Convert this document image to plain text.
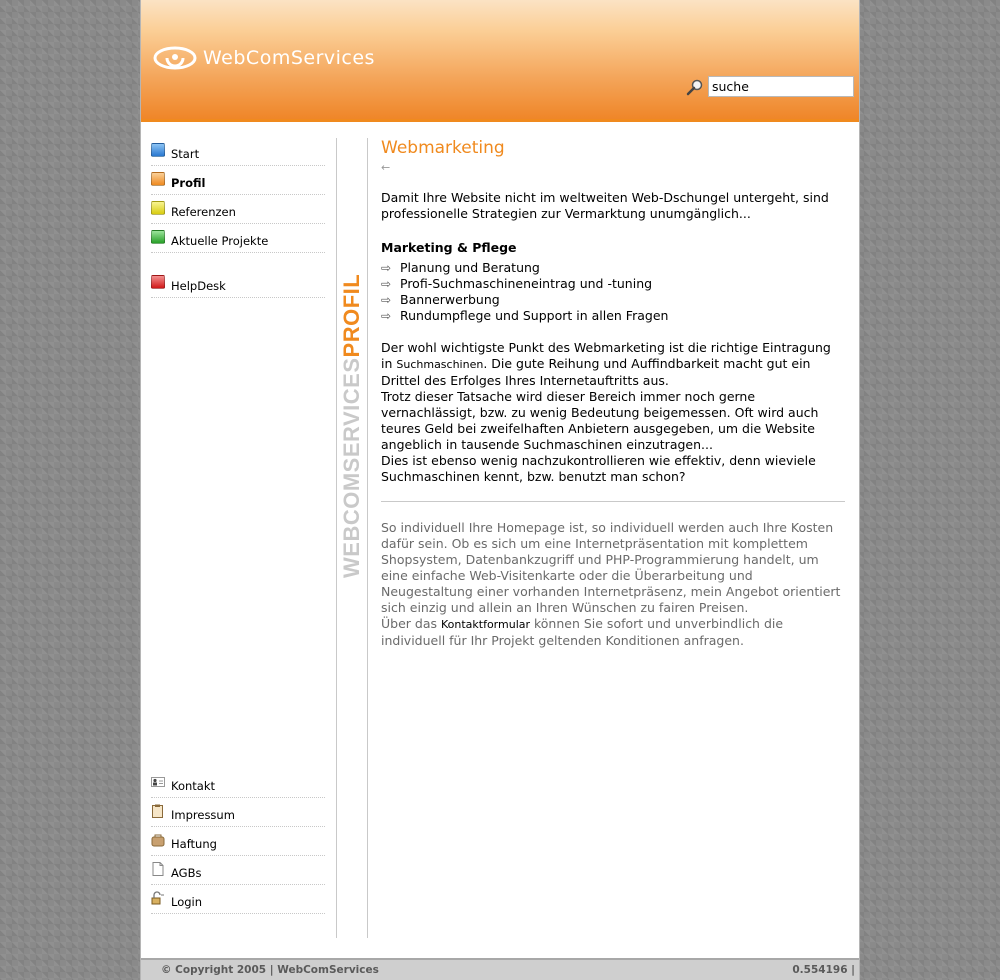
WebComServices
suche
Start
Profil
Referenzen
Aktuelle Projekte
HelpDesk
Kontakt
Impressum
Haftung
AGBs
Login
WEBCOMSERVICESPROFIL
Webmarketing
←

Damit Ihre Website nicht im weltweiten Web-Dschungel untergeht, sind professionelle Strategien zur Vermarktung unumgänglich...

Marketing & Pflege
⇨ Planung und Beratung
⇨ Profi-Suchmaschineneintrag und -tuning
⇨ Bannerwerbung
⇨ Rundumpflege und Support in allen Fragen

Der wohl wichtigste Punkt des Webmarketing ist die richtige Eintragung in Suchmaschinen. Die gute Reihung und Auffindbarkeit macht gut ein Drittel des Erfolges Ihres Internetauftritts aus.
Trotz dieser Tatsache wird dieser Bereich immer noch gerne vernachlässigt, bzw. zu wenig Bedeutung beigemessen. Oft wird auch teures Geld bei zweifelhaften Anbietern ausgegeben, um die Website angeblich in tausende Suchmaschinen einzutragen...
Dies ist ebenso wenig nachzukontrollieren wie effektiv, denn wieviele Suchmaschinen kennt, bzw. benutzt man schon?

So individuell Ihre Homepage ist, so individuell werden auch Ihre Kosten dafür sein. Ob es sich um eine Internetpräsentation mit komplettem Shopsystem, Datenbankzugriff und PHP-Programmierung handelt, um eine einfache Web-Visitenkarte oder die Überarbeitung und Neugestaltung einer vorhanden Internetpräsenz, mein Angebot orientiert sich einzig und allein an Ihren Wünschen zu fairen Preisen.
Über das Kontaktformular können Sie sofort und unverbindlich die individuell für Ihr Projekt geltenden Konditionen anfragen.

© Copyright 2005 | WebComServices	0.554196 |
